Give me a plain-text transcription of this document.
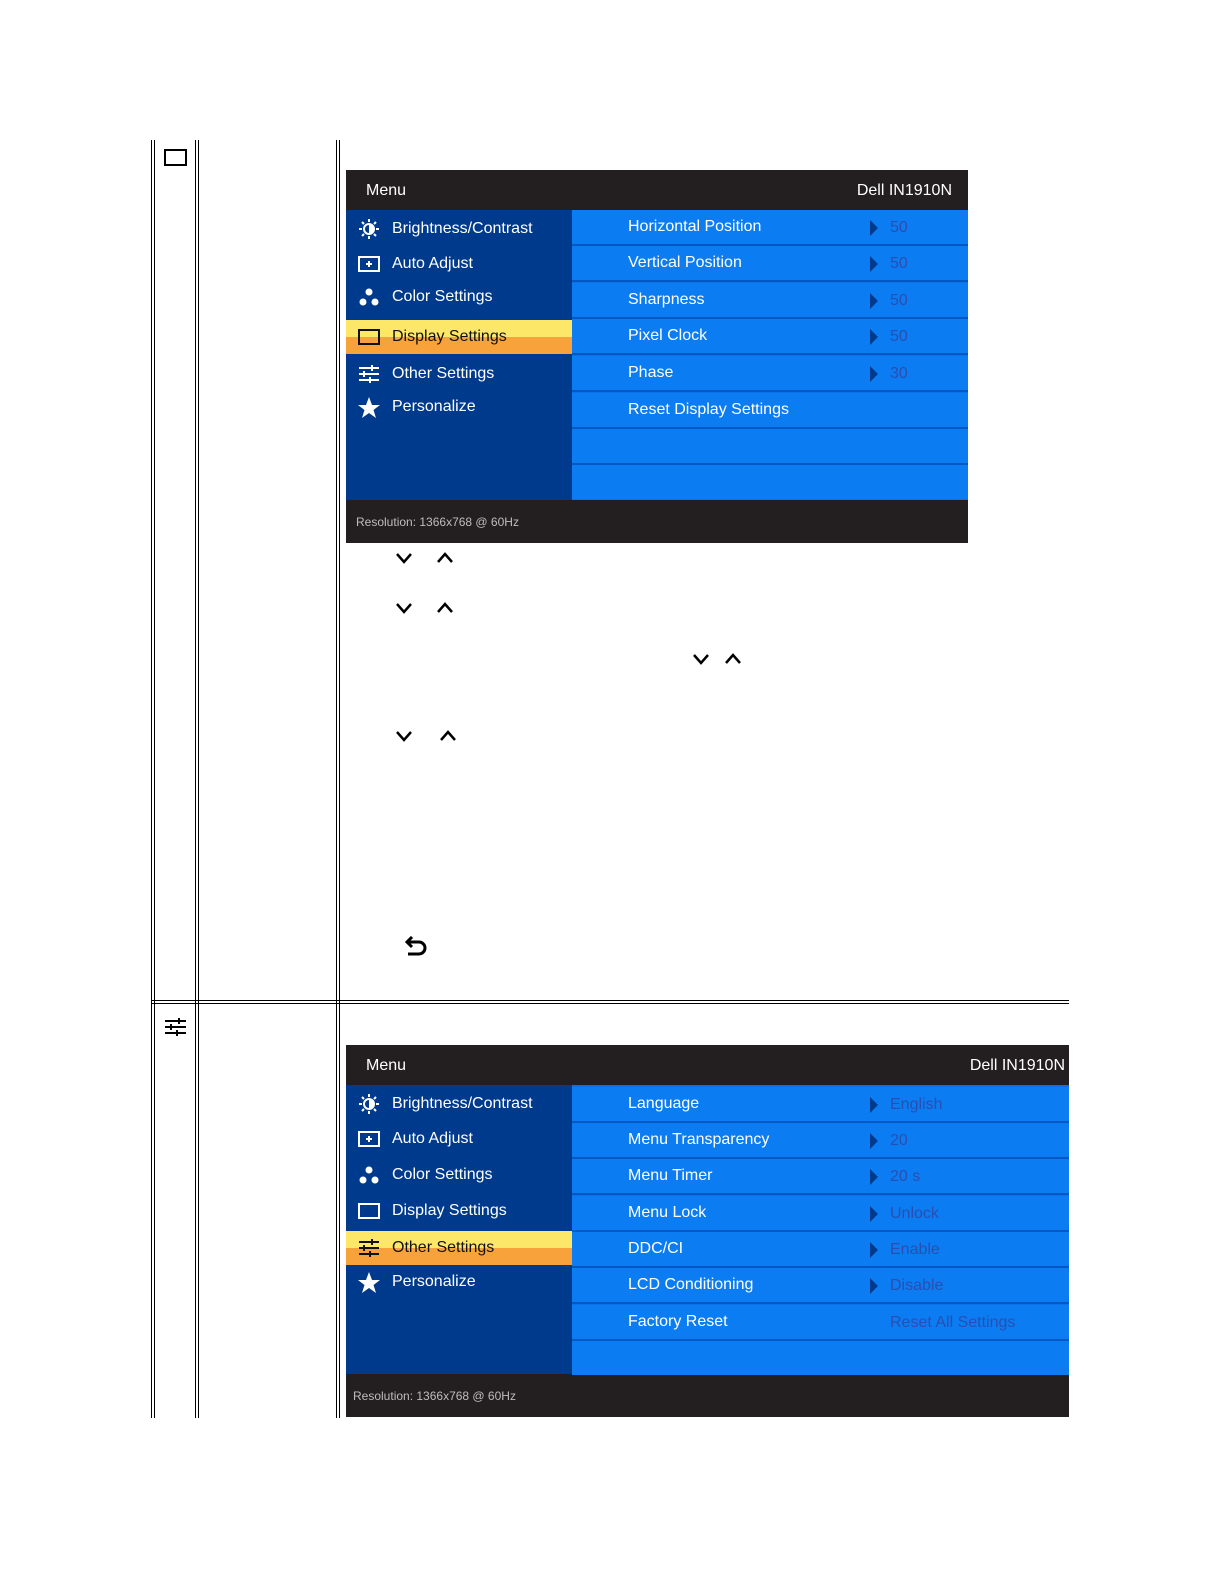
Menu	Dell IN1910N
Brightness/Contrast
Auto Adjust
Color Settings
Display Settings
Other Settings
Personalize
Horizontal Position	50
Vertical Position	50
Sharpness	50
Pixel Clock	50
Phase	30
Reset Display Settings
Resolution: 1366x768 @ 60Hz
Menu	Dell IN1910N
Brightness/Contrast
Auto Adjust
Color Settings
Display Settings
Other Settings
Personalize
Language	English
Menu Transparency	20
Menu Timer	20 s
Menu Lock	Unlock
DDC/CI	Enable
LCD Conditioning	Disable
Factory Reset	Reset All Settings
Resolution: 1366x768 @ 60Hz
